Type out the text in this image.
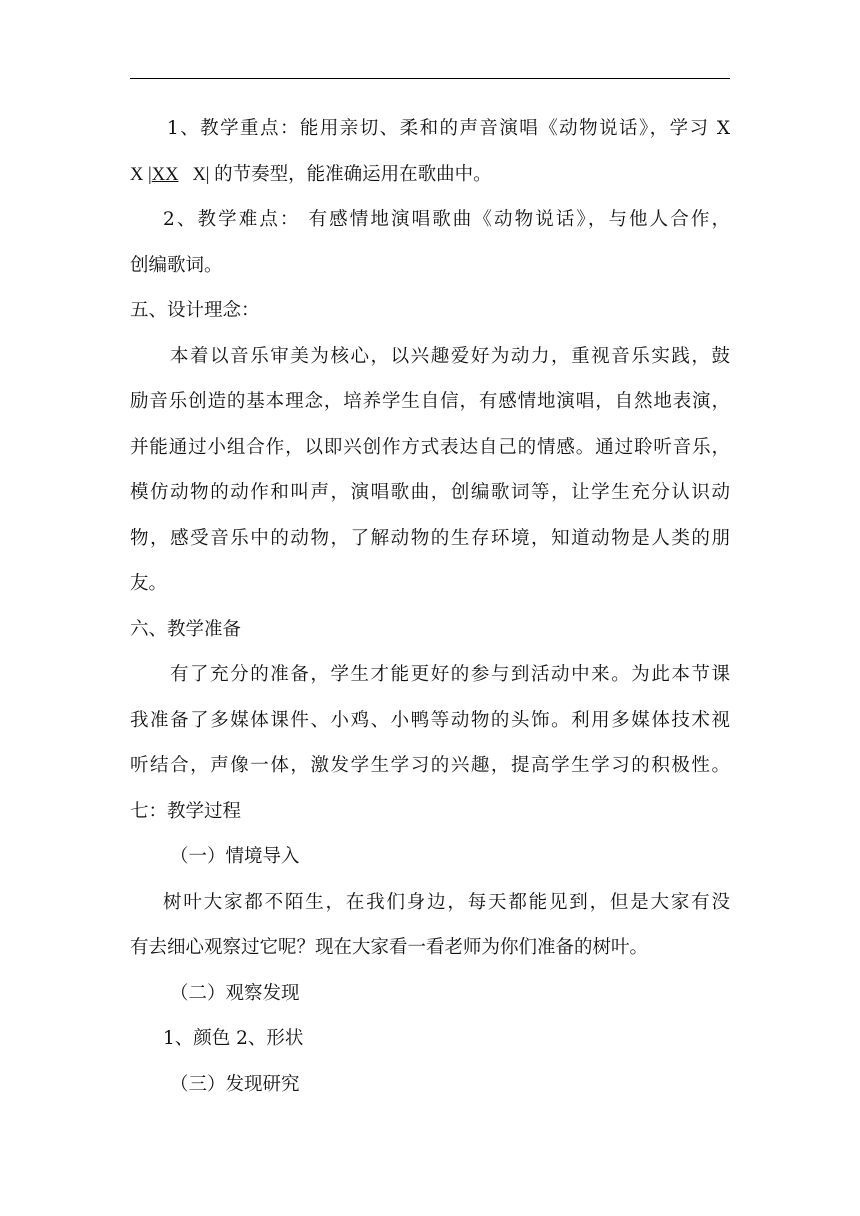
1、教学重点：能用亲切、柔和的声音演唱《动物说话》，学习 X
X |XX X| 的节奏型，能准确运用在歌曲中。
2、教学难点： 有感情地演唱歌曲《动物说话》，与他人合作，
创编歌词。
五、设计理念：
本着以音乐审美为核心，以兴趣爱好为动力，重视音乐实践，鼓
励音乐创造的基本理念，培养学生自信，有感情地演唱，自然地表演，
并能通过小组合作，以即兴创作方式表达自己的情感。通过聆听音乐，
模仿动物的动作和叫声，演唱歌曲，创编歌词等，让学生充分认识动
物，感受音乐中的动物，了解动物的生存环境，知道动物是人类的朋
友。
六、教学准备
有了充分的准备，学生才能更好的参与到活动中来。为此本节课
我准备了多媒体课件、小鸡、小鸭等动物的头饰。利用多媒体技术视
听结合，声像一体，激发学生学习的兴趣，提高学生学习的积极性。
七：教学过程
（一）情境导入
树叶大家都不陌生，在我们身边，每天都能见到，但是大家有没
有去细心观察过它呢？现在大家看一看老师为你们准备的树叶。
（二）观察发现
1、颜色 2、形状
（三）发现研究
